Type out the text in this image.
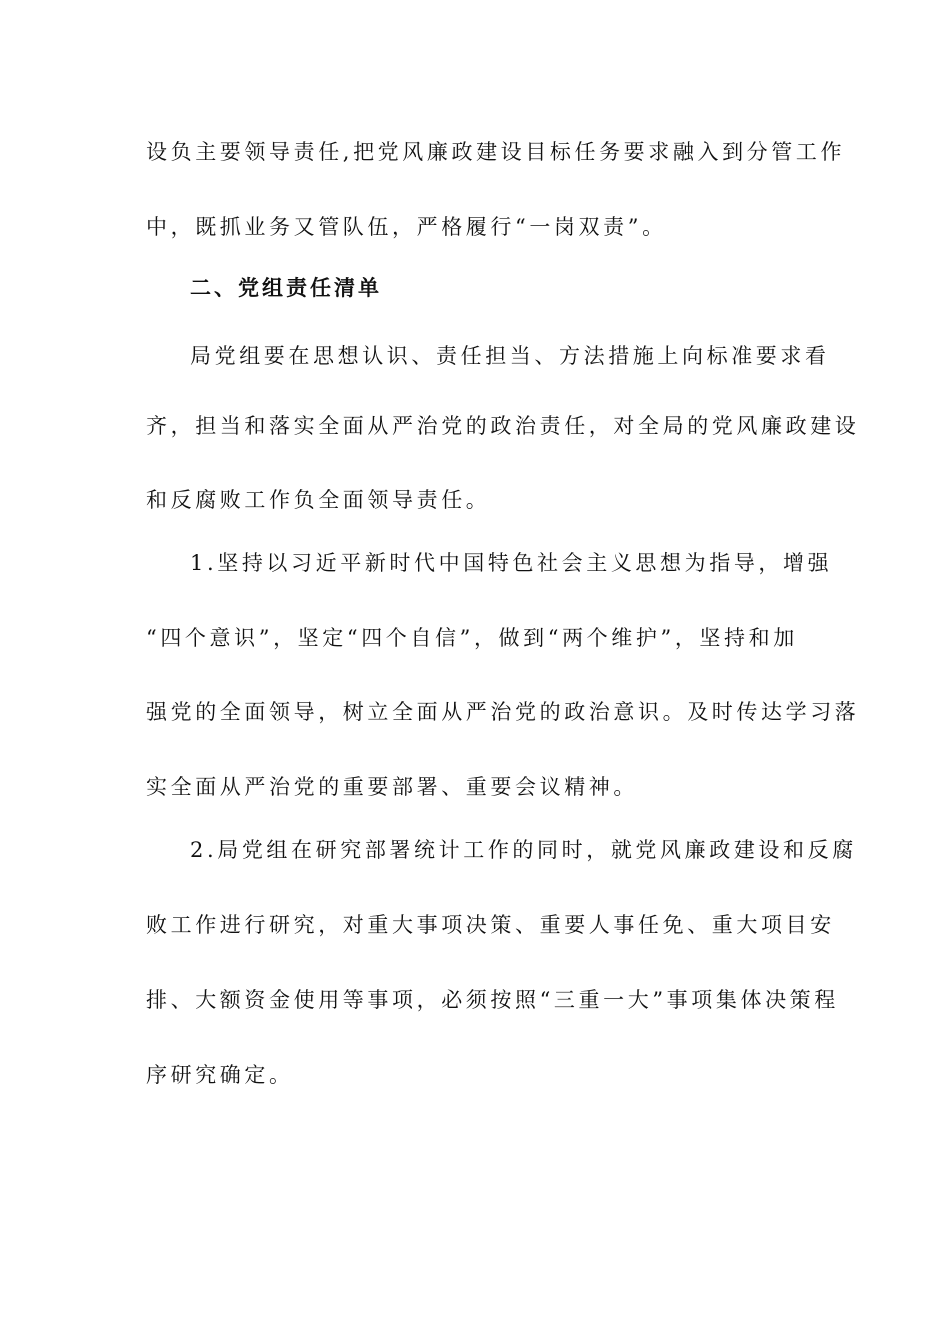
设负主要领导责任,把党风廉政建设目标任务要求融入到分管工作
中，既抓业务又管队伍，严格履行“一岗双责”。
二、党组责任清单
局党组要在思想认识、责任担当、方法措施上向标准要求看
齐，担当和落实全面从严治党的政治责任，对全局的党风廉政建设
和反腐败工作负全面领导责任。
1.坚持以习近平新时代中国特色社会主义思想为指导，增强
“四个意识”，坚定“四个自信”，做到“两个维护”，坚持和加
强党的全面领导，树立全面从严治党的政治意识。及时传达学习落
实全面从严治党的重要部署、重要会议精神。
2.局党组在研究部署统计工作的同时，就党风廉政建设和反腐
败工作进行研究，对重大事项决策、重要人事任免、重大项目安
排、大额资金使用等事项，必须按照“三重一大”事项集体决策程
序研究确定。
